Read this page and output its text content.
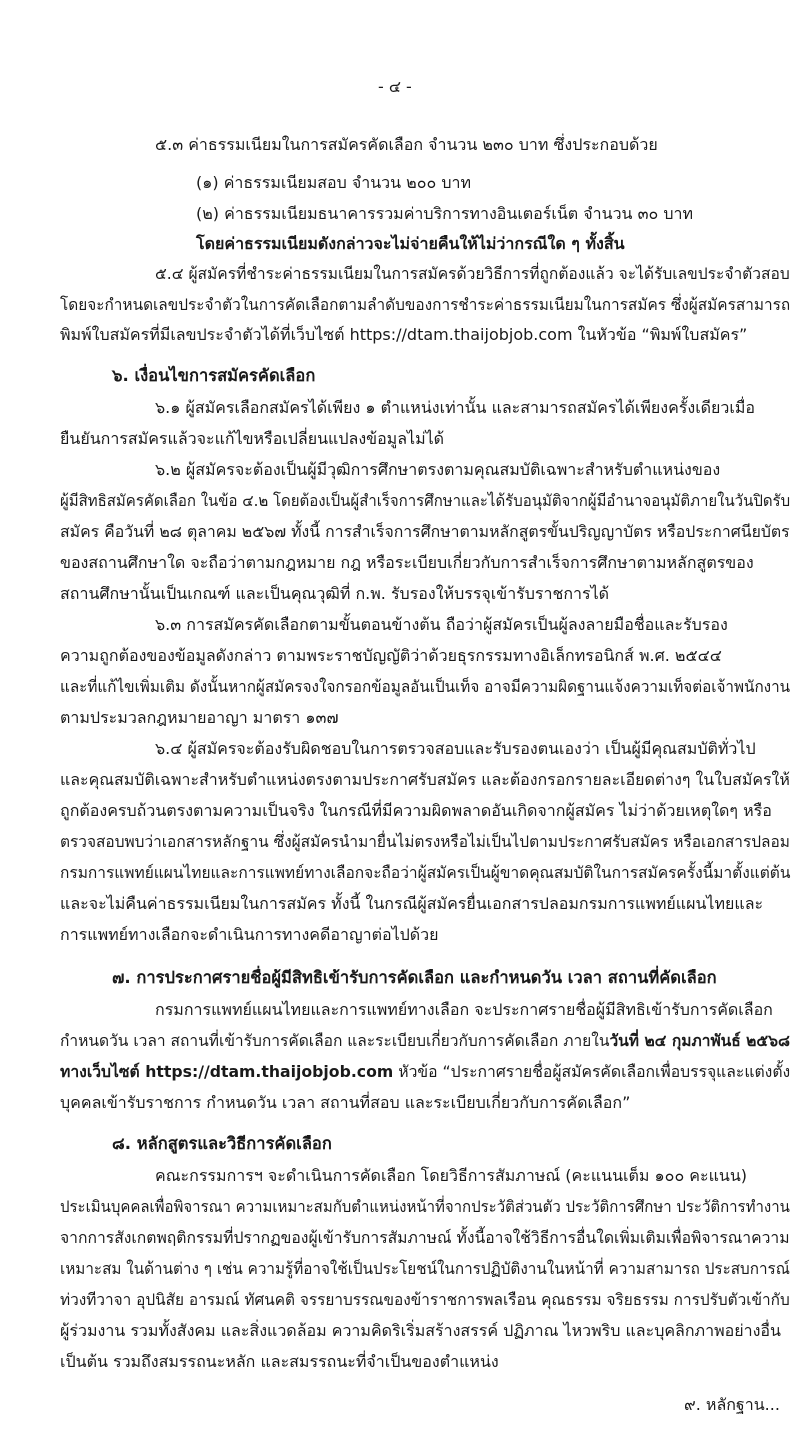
- ๔ -
๕.๓ ค่าธรรมเนียมในการสมัครคัดเลือก จำนวน ๒๓๐ บาท ซึ่งประกอบด้วย
(๑) ค่าธรรมเนียมสอบ จำนวน ๒๐๐ บาท
(๒) ค่าธรรมเนียมธนาคารรวมค่าบริการทางอินเตอร์เน็ต จำนวน ๓๐ บาท
โดยค่าธรรมเนียมดังกล่าวจะไม่จ่ายคืนให้ไม่ว่ากรณีใด ๆ ทั้งสิ้น
๕.๔ ผู้สมัครที่ชำระค่าธรรมเนียมในการสมัครด้วยวิธีการที่ถูกต้องแล้ว จะได้รับเลขประจำตัวสอบ
โดยจะกำหนดเลขประจำตัวในการคัดเลือกตามลำดับของการชำระค่าธรรมเนียมในการสมัคร ซึ่งผู้สมัครสามารถ
พิมพ์ใบสมัครที่มีเลขประจำตัวได้ที่เว็บไซต์ https://dtam.thaijobjob.com ในหัวข้อ “พิมพ์ใบสมัคร”
๖. เงื่อนไขการสมัครคัดเลือก
๖.๑ ผู้สมัครเลือกสมัครได้เพียง ๑ ตำแหน่งเท่านั้น และสามารถสมัครได้เพียงครั้งเดียวเมื่อ
ยืนยันการสมัครแล้วจะแก้ไขหรือเปลี่ยนแปลงข้อมูลไม่ได้
๖.๒ ผู้สมัครจะต้องเป็นผู้มีวุฒิการศึกษาตรงตามคุณสมบัติเฉพาะสำหรับตำแหน่งของ
ผู้มีสิทธิสมัครคัดเลือก ในข้อ ๔.๒ โดยต้องเป็นผู้สำเร็จการศึกษาและได้รับอนุมัติจากผู้มีอำนาจอนุมัติภายในวันปิดรับ
สมัคร คือวันที่ ๒๘ ตุลาคม ๒๕๖๗ ทั้งนี้ การสำเร็จการศึกษาตามหลักสูตรขั้นปริญญาบัตร หรือประกาศนียบัตร
ของสถานศึกษาใด จะถือว่าตามกฎหมาย กฎ หรือระเบียบเกี่ยวกับการสำเร็จการศึกษาตามหลักสูตรของ
สถานศึกษานั้นเป็นเกณฑ์ และเป็นคุณวุฒิที่ ก.พ. รับรองให้บรรจุเข้ารับราชการได้
๖.๓ การสมัครคัดเลือกตามขั้นตอนข้างต้น ถือว่าผู้สมัครเป็นผู้ลงลายมือชื่อและรับรอง
ความถูกต้องของข้อมูลดังกล่าว ตามพระราชบัญญัติว่าด้วยธุรกรรมทางอิเล็กทรอนิกส์ พ.ศ. ๒๕๔๔
และที่แก้ไขเพิ่มเติม ดังนั้นหากผู้สมัครจงใจกรอกข้อมูลอันเป็นเท็จ อาจมีความผิดฐานแจ้งความเท็จต่อเจ้าพนักงาน
ตามประมวลกฎหมายอาญา มาตรา ๑๓๗
๖.๔ ผู้สมัครจะต้องรับผิดชอบในการตรวจสอบและรับรองตนเองว่า เป็นผู้มีคุณสมบัติทั่วไป
และคุณสมบัติเฉพาะสำหรับตำแหน่งตรงตามประกาศรับสมัคร และต้องกรอกรายละเอียดต่างๆ ในใบสมัครให้
ถูกต้องครบถ้วนตรงตามความเป็นจริง ในกรณีที่มีความผิดพลาดอันเกิดจากผู้สมัคร ไม่ว่าด้วยเหตุใดๆ หรือ
ตรวจสอบพบว่าเอกสารหลักฐาน ซึ่งผู้สมัครนำมายื่นไม่ตรงหรือไม่เป็นไปตามประกาศรับสมัคร หรือเอกสารปลอม
กรมการแพทย์แผนไทยและการแพทย์ทางเลือกจะถือว่าผู้สมัครเป็นผู้ขาดคุณสมบัติในการสมัครครั้งนี้มาตั้งแต่ต้น
และจะไม่คืนค่าธรรมเนียมในการสมัคร ทั้งนี้ ในกรณีผู้สมัครยื่นเอกสารปลอมกรมการแพทย์แผนไทยและ
การแพทย์ทางเลือกจะดำเนินการทางคดีอาญาต่อไปด้วย
๗. การประกาศรายชื่อผู้มีสิทธิเข้ารับการคัดเลือก และกำหนดวัน เวลา สถานที่คัดเลือก
กรมการแพทย์แผนไทยและการแพทย์ทางเลือก จะประกาศรายชื่อผู้มีสิทธิเข้ารับการคัดเลือก
กำหนดวัน เวลา สถานที่เข้ารับการคัดเลือก และระเบียบเกี่ยวกับการคัดเลือก ภายในวันที่ ๒๔ กุมภาพันธ์ ๒๕๖๘
ทางเว็บไซต์ https://dtam.thaijobjob.com หัวข้อ “ประกาศรายชื่อผู้สมัครคัดเลือกเพื่อบรรจุและแต่งตั้ง
บุคคลเข้ารับราชการ กำหนดวัน เวลา สถานที่สอบ และระเบียบเกี่ยวกับการคัดเลือก”
๘. หลักสูตรและวิธีการคัดเลือก
คณะกรรมการฯ จะดำเนินการคัดเลือก โดยวิธีการสัมภาษณ์ (คะแนนเต็ม ๑๐๐ คะแนน)
ประเมินบุคคลเพื่อพิจารณา ความเหมาะสมกับตำแหน่งหน้าที่จากประวัติส่วนตัว ประวัติการศึกษา ประวัติการทำงาน
จากการสังเกตพฤติกรรมที่ปรากฏของผู้เข้ารับการสัมภาษณ์ ทั้งนี้อาจใช้วิธีการอื่นใดเพิ่มเติมเพื่อพิจารณาความ
เหมาะสม ในด้านต่าง ๆ เช่น ความรู้ที่อาจใช้เป็นประโยชน์ในการปฏิบัติงานในหน้าที่ ความสามารถ ประสบการณ์
ท่วงทีวาจา อุปนิสัย อารมณ์ ทัศนคติ จรรยาบรรณของข้าราชการพลเรือน คุณธรรม จริยธรรม การปรับตัวเข้ากับ
ผู้ร่วมงาน รวมทั้งสังคม และสิ่งแวดล้อม ความคิดริเริ่มสร้างสรรค์ ปฏิภาณ ไหวพริบ และบุคลิกภาพอย่างอื่น
เป็นต้น รวมถึงสมรรถนะหลัก และสมรรถนะที่จำเป็นของตำแหน่ง
๙. หลักฐาน...
